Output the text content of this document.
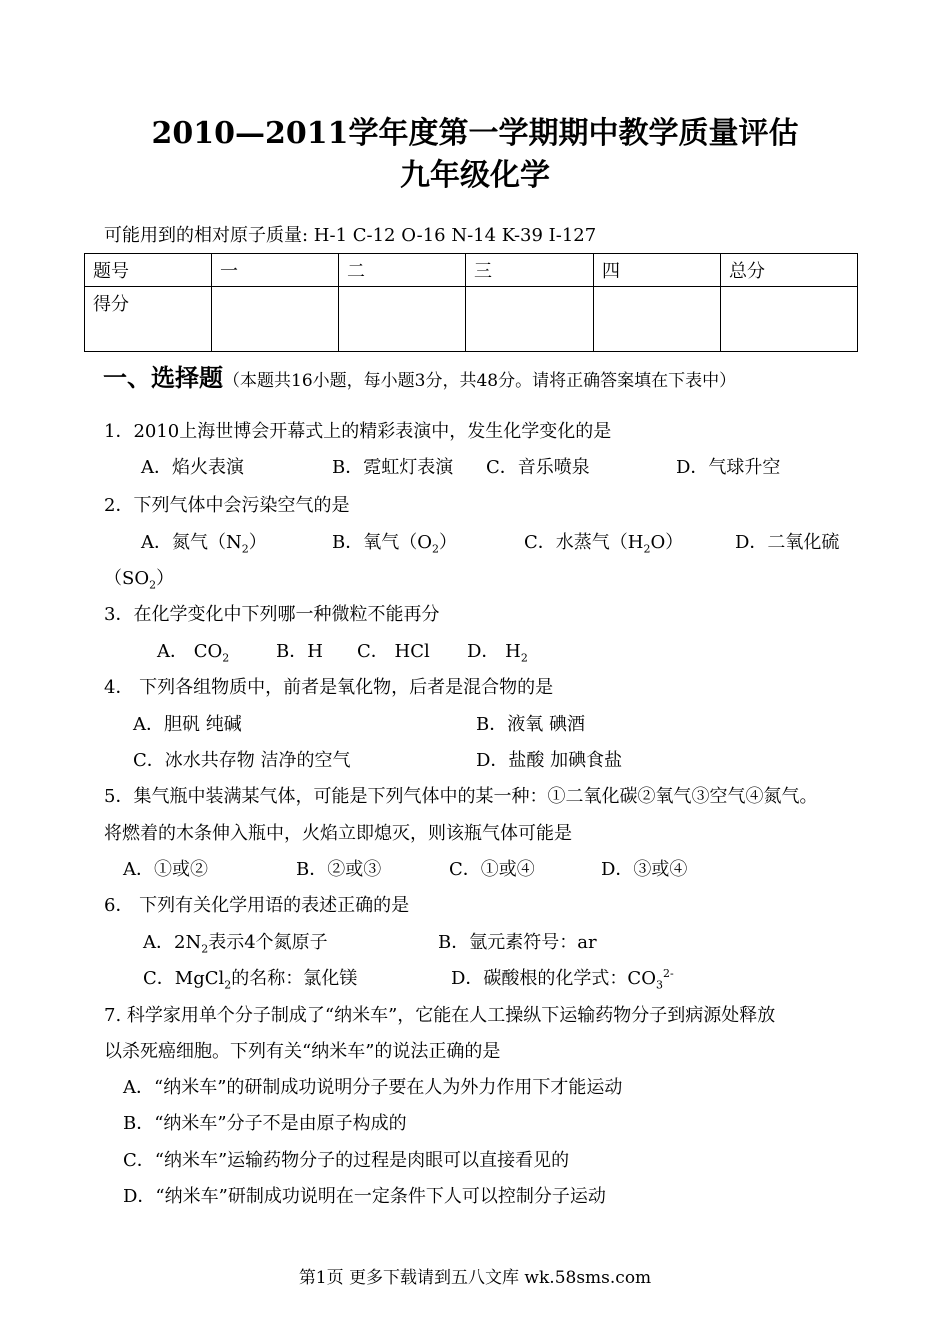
2010—2011学年度第一学期期中教学质量评估
九年级化学
可能用到的相对原子质量: H-1 C-12 O-16 N-14 K-39 I-127
题号	一	二	三	四	总分
得分					
一、选择题（本题共16小题，每小题3分，共48分。请将正确答案填在下表中）
1．2010上海世博会开幕式上的精彩表演中，发生化学变化的是
A．焰火表演	B．霓虹灯表演 C．音乐喷泉	D．气球升空
2．下列气体中会污染空气的是
A．氮气$(N_2)$	B．氧气$(O_2)$	C．水蒸气$(H_2O)$	D．二氧化硫
$(SO_2)$
3．在化学变化中下列哪一种微粒不能再分
A． $CO_2$	B．H C． HCl D． $H_2$
4． 下列各组物质中，前者是氧化物，后者是混合物的是
A．胆矾 纯碱	B．液氧 碘酒
C．冰水共存物 洁净的空气	D．盐酸 加碘食盐
5．集气瓶中装满某气体，可能是下列气体中的某一种：①二氧化碳②氧气③空气④氮气。
将燃着的木条伸入瓶中，火焰立即熄灭，则该瓶气体可能是
A．①或②	B．②或③	C．①或④	D．③或④
6． 下列有关化学用语的表述正确的是
A．$2N_2$表示4个氮原子	B．氩元素符号：ar
C．MgCl$_2$的名称：氯化镁	D．碳酸根的化学式：$CO_3^{2-}$
7. 科学家用单个分子制成了“纳米车”，它能在人工操纵下运输药物分子到病源处释放
以杀死癌细胞。下列有关“纳米车”的说法正确的是
A．“纳米车”的研制成功说明分子要在人为外力作用下才能运动
B．“纳米车”分子不是由原子构成的
C．“纳米车”运输药物分子的过程是肉眼可以直接看见的
D．“纳米车”研制成功说明在一定条件下人可以控制分子运动
第1页 更多下载请到五八文库 wk.58sms.com
